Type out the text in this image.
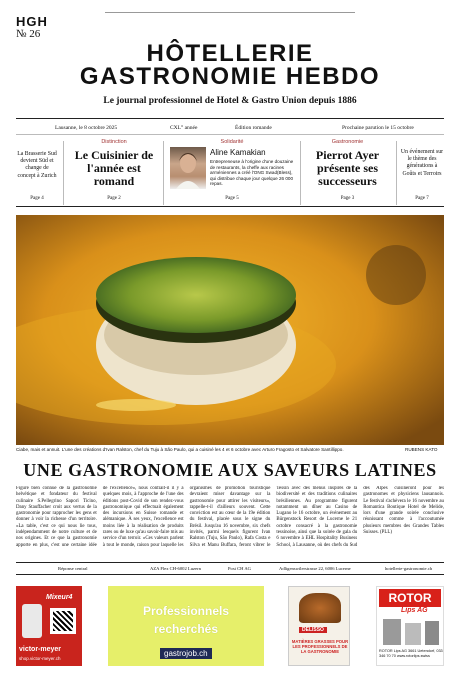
HGH
№ 26
HÔTELLERIE
GASTRONOMIE HEBDO
Le journal professionnel de Hotel & Gastro Union depuis 1886
Lausanne, le 8 octobre 2025	CXL° année	Édition romande	Prochaine parution le 15 octobre
La Brasserie Sud devient Süd et change de concept à Zurich
Page 4
Distinction
Le Cuisinier de l'année est romand
Page 2
Solidarité
Aline Kamakian
Entrepreneuse à l'origine d'une douzaine de restaurants, la cheffe aux racines arméniennes a créé l'ONG Swad(Bless), qui distribue chaque jour quelque 26 000 repas.
Page 5
Gastronomie
Pierrot Ayer présente ses successeurs
Page 3
Un événement sur le thème des générations à Goûts et Terroirs
Page 7
Ciabe, mais et annuit. L'une des créations d'Ivan Ralston, chef du Tuju à São Paulo, qui a cuisiné les 4 et 6 octobre avec Arturo Fragosto et Salvatore Santillippo.	RUBENS KATO
UNE GASTRONOMIE AUX SAVEURS LATINES
Figure bien connue de la gastronomie helvétique et fondateur du festival culinaire S.Pellegrino Sapori Ticino, Dany Stauffacher croit aux vertus de la gastronomie pour rapprocher les gens et donner à voir la richesse d'un territoire. «La table, c'est ce qui nous lie tous, indépendamment de notre culture et de nos origines. Et ce que la gastronomie apporte en plus, c'est une certaine idée de l'excellence», nous confiait-il il y a quelques mois, à l'approche de l'une des éditions post-Covid de son rendez-vous gastronomique qui effectuait également des incursions en Suisse romande et alémanique. À ses yeux, l'excellence est moins liée à la réalisation de produits rares ou de luxe qu'au savoir-faire mis au service d'un terroir. «Ces valeurs parlent à tout le monde, raison pour laquelle les organismes de promotion touristique devraient miser davantage sur la gastronomie pour attirer les visiteurs», rappelle-t-il d'ailleurs souvent. Cette conviction est au cœur de la 19e édition du festival, placée sous le signe du Brésil. Jusqu'au 16 novembre, six chefs invités, parmi lesquels figurent Ivan Ralston (Tuju, São Paulo), Rafa Costa e Silva et Manu Buffara, feront vibrer le Tessin avec des menus inspirés de la biodiversité et des traditions culinaires brésiliennes. Au programme figurent notamment un dîner au Casino de Lugano le 16 octobre, un événement au Bürgenstock Resort de Lucerne le 21 octobre consacré à la gastronomie tessinoise, ainsi que la soirée de gala du 6 novembre à EHL Hospitality Business School, à Lausanne, où des chefs du Sud des Alpes cuisineront pour les gastronomes et physiciens lausannois. Le festival s'achèvera le 16 novembre au Romantica Boutique Hotel de Melide, lors d'une grande soirée conclusive réunissant comme à l'accoutumée plusieurs membres des Grandes Tables Suisses. (PLL)
Réponse central	AZA Flex CH-6002 Luzern	Post CH AG	Adligenswilerstrasse 22, 6006 Lucerne	hotellerie-gastronomie.ch
Mixeur4
victor-meyer
shop.victor-meyer.ch
Professionnels
recherchés
gastrojob.ch
DELISSO
MATIÈRES GRASSES POUR LES PROFESSIONNELS DE LA GASTRONOMIE
ROTOR
Lips AG
ROTOR Lips AG 3661 Uetendorf, 033 346 70 70 www.rotorlips.swiss
